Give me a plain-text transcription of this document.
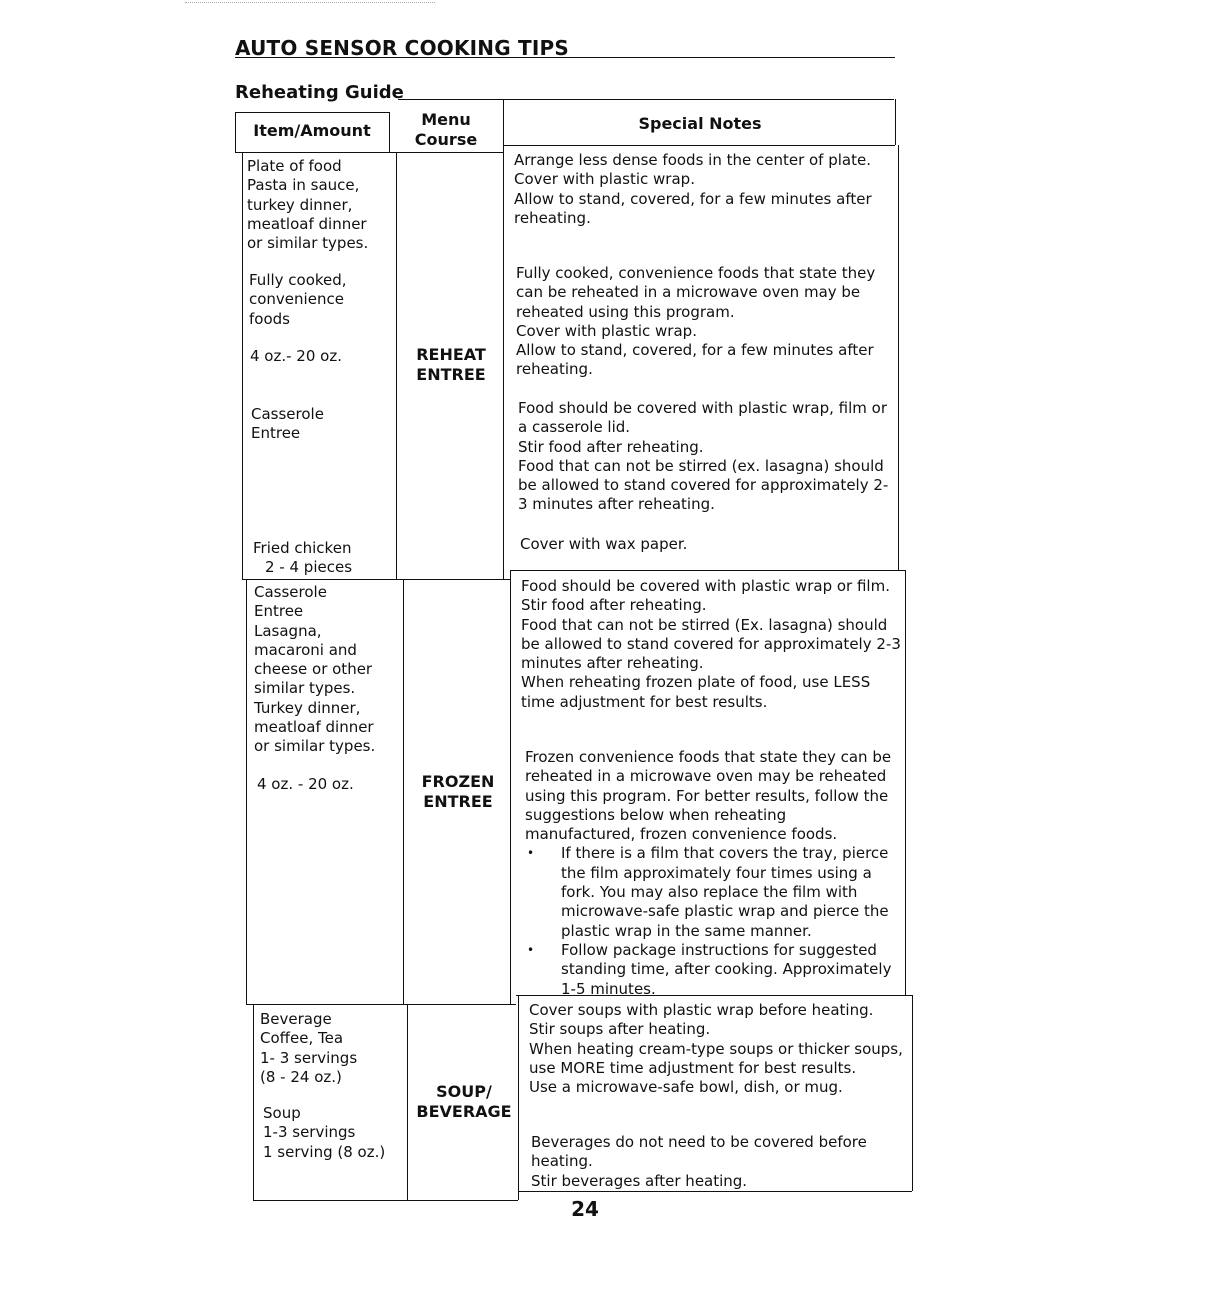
AUTO SENSOR COOKING TIPS
Reheating Guide
Item/Amount
Menu
Course
Special Notes
Plate of food
Pasta in sauce,
turkey dinner,
meatloaf dinner
or similar types.
Fully cooked,
convenience
foods
4 oz.- 20 oz.
Casserole
Entree
Fried chicken
2 - 4 pieces
REHEAT
ENTREE
Arrange less dense foods in the center of plate.
Cover with plastic wrap.
Allow to stand, covered, for a few minutes after reheating.
Fully cooked, convenience foods that state they can be reheated in a microwave oven may be reheated using this program.
Cover with plastic wrap.
Allow to stand, covered, for a few minutes after reheating.
Food should be covered with plastic wrap, film or a casserole lid.
Stir food after reheating.
Food that can not be stirred (ex. lasagna) should be allowed to stand covered for approximately 2-3 minutes after reheating.
Cover with wax paper.
Casserole
Entree
Lasagna,
macaroni and
cheese or other
similar types.
Turkey dinner,
meatloaf dinner
or similar types.
4 oz. - 20 oz.	FROZEN
ENTREE
Food should be covered with plastic wrap or film.
Stir food after reheating.
Food that can not be stirred (Ex. lasagna) should be allowed to stand covered for approximately 2-3 minutes after reheating.
When reheating frozen plate of food, use LESS time adjustment for best results.
Frozen convenience foods that state they can be reheated in a microwave oven may be reheated using this program. For better results, follow the suggestions below when reheating manufactured, frozen convenience foods.
• If there is a film that covers the tray, pierce the film approximately four times using a fork. You may also replace the film with microwave-safe plastic wrap and pierce the plastic wrap in the same manner.
• Follow package instructions for suggested standing time, after cooking. Approximately 1-5 minutes.
Beverage
Coffee, Tea
1- 3 servings
(8 - 24 oz.)
Soup
1-3 servings
1 serving (8 oz.)
SOUP/
BEVERAGE
Cover soups with plastic wrap before heating.
Stir soups after heating.
When heating cream-type soups or thicker soups, use MORE time adjustment for best results.
Use a microwave-safe bowl, dish, or mug.
Beverages do not need to be covered before heating.
Stir beverages after heating.
24
